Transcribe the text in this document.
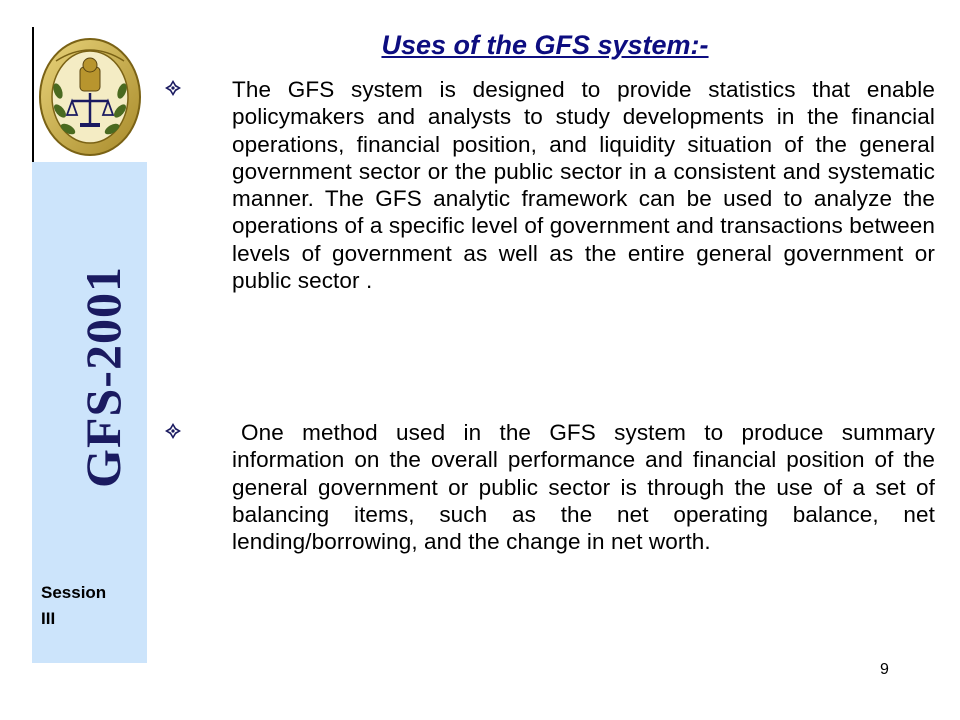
GFS-2001
Session
III
Uses of the GFS system:-
The GFS system is designed to provide statistics that enable policymakers and analysts to study developments in the financial operations, financial position, and liquidity situation of the general government sector or the public sector in a consistent and systematic manner. The GFS analytic framework can be used to analyze the operations of a specific level of government and transactions between levels of government as well as the entire general government or public sector .
One method used in the GFS system to produce summary information on the overall performance and financial position of the general government or public sector is through the use of a set of balancing items, such as the net operating balance, net lending/borrowing, and the change in net worth.
9
